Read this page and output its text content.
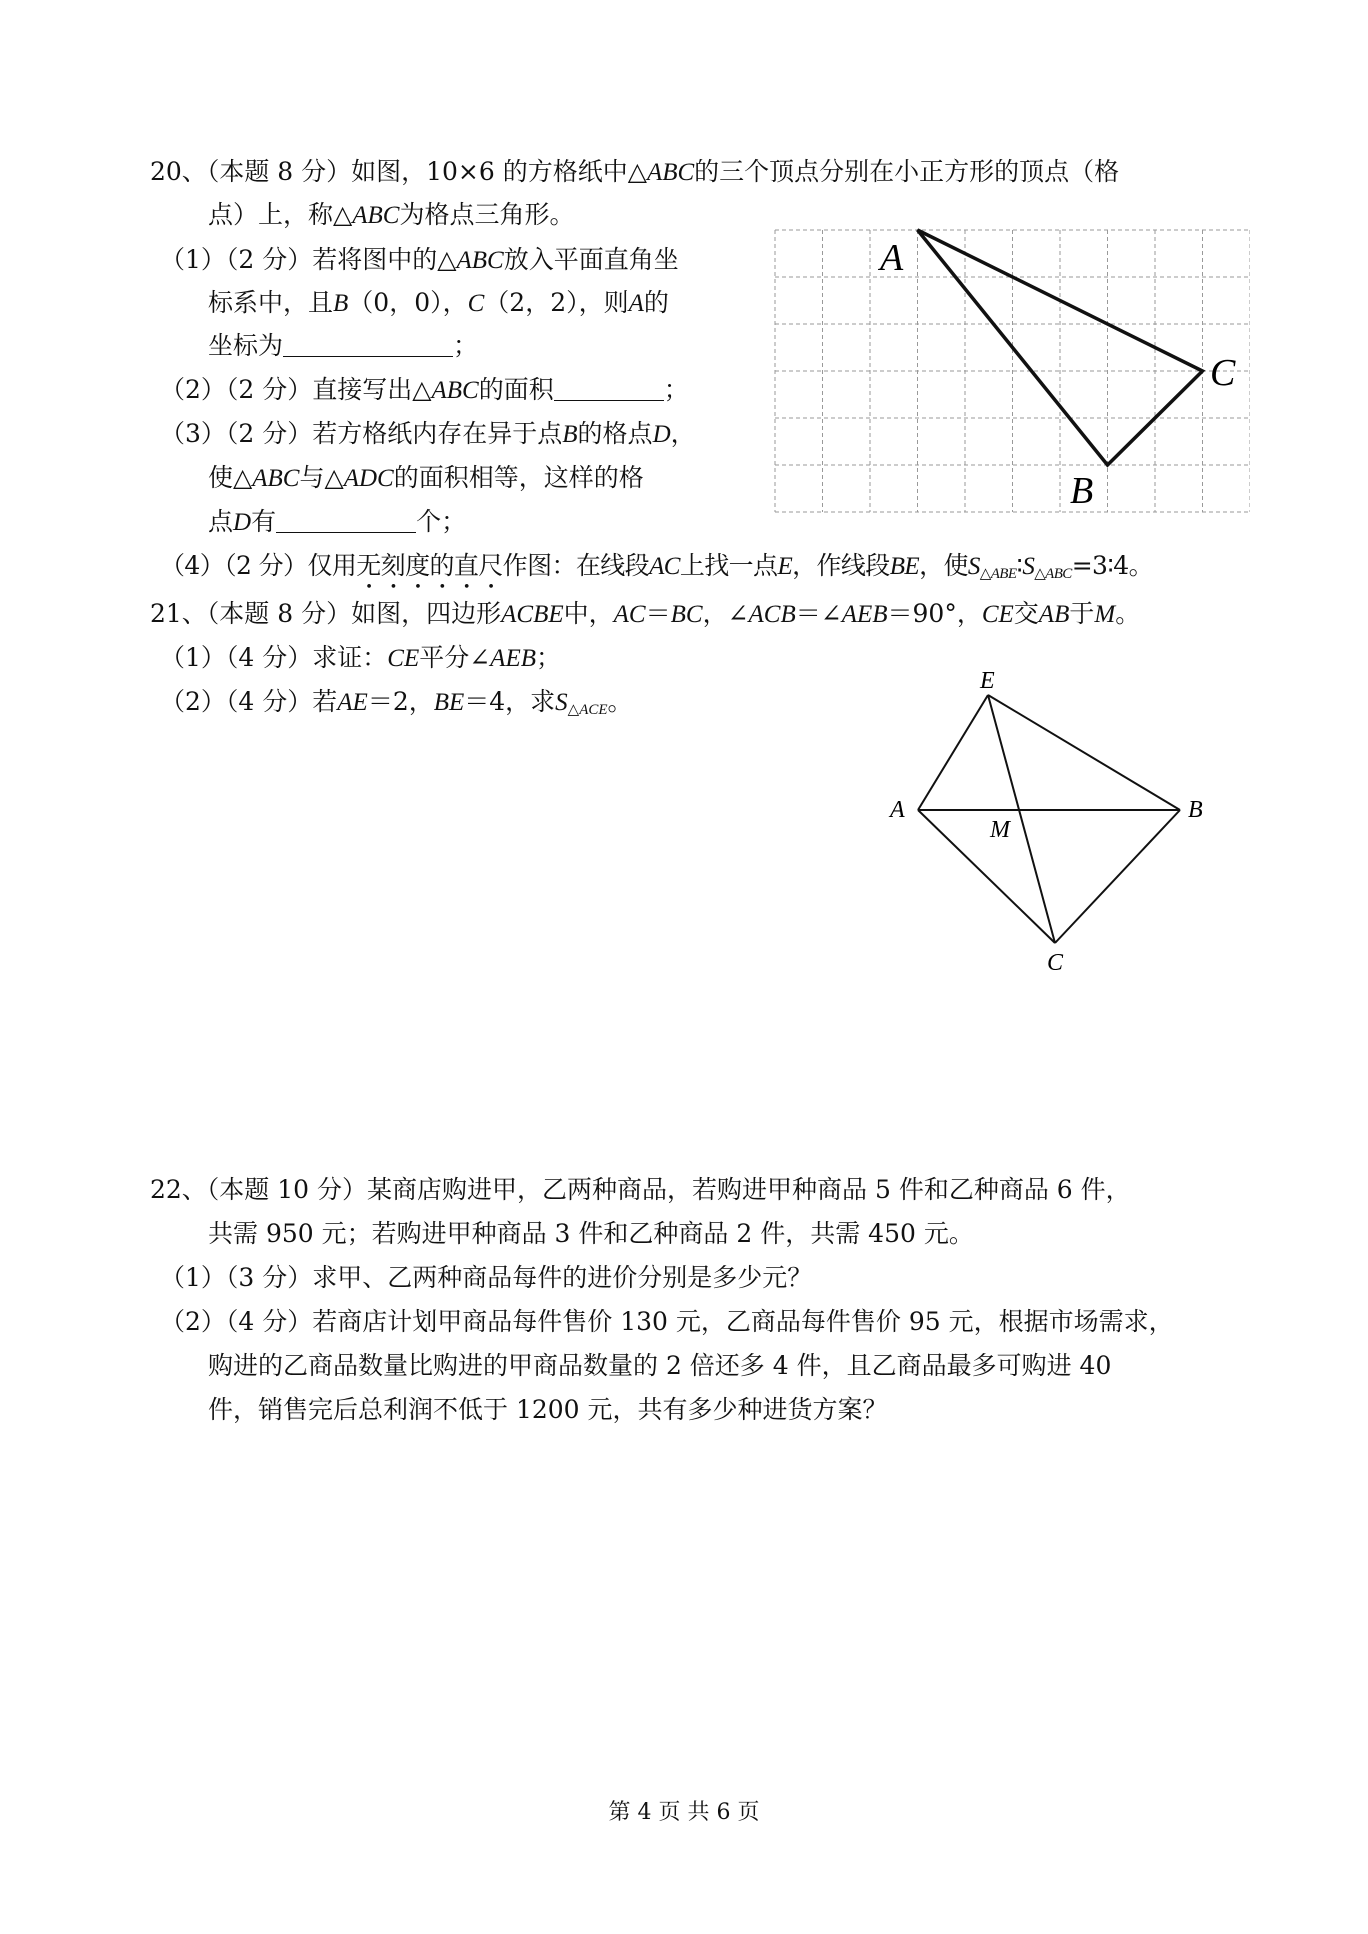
20、（本题 8 分）如图，10×6 的方格纸中△ABC的三个顶点分别在小正方形的顶点（格
点）上，称△ABC为格点三角形。
（1）（2 分）若将图中的△ABC放入平面直角坐
标系中，且B（0，0），C（2，2），则A的
坐标为	；
（2）（2 分）直接写出△ABC的面积	；
（3）（2 分）若方格纸内存在异于点B的格点D，
使△ABC与△ADC的面积相等，这样的格
点D有	个；
（4）（2 分）仅用无刻度的直尺作图：在线段AC上找一点E，作线段BE，使$S_{\triangle ABE}∶S_{\triangle ABC}=3∶4$。
A
C
B
21、（本题 8 分）如图，四边形ACBE中，AC＝BC，∠ACB＝∠AEB＝90°，CE交AB于M。
（1）（4 分）求证：CE平分∠AEB；
（2）（4 分）若AE＝2，BE＝4，求$S_{\triangle ACE}$。
E
A
M
B
C
22、（本题 10 分）某商店购进甲，乙两种商品，若购进甲种商品 5 件和乙种商品 6 件，
共需 950 元；若购进甲种商品 3 件和乙种商品 2 件，共需 450 元。
（1）（3 分）求甲、乙两种商品每件的进价分别是多少元？
（2）（4 分）若商店计划甲商品每件售价 130 元，乙商品每件售价 95 元，根据市场需求，
购进的乙商品数量比购进的甲商品数量的 2 倍还多 4 件，且乙商品最多可购进 40
件，销售完后总利润不低于 1200 元，共有多少种进货方案？
第 4 页 共 6 页
